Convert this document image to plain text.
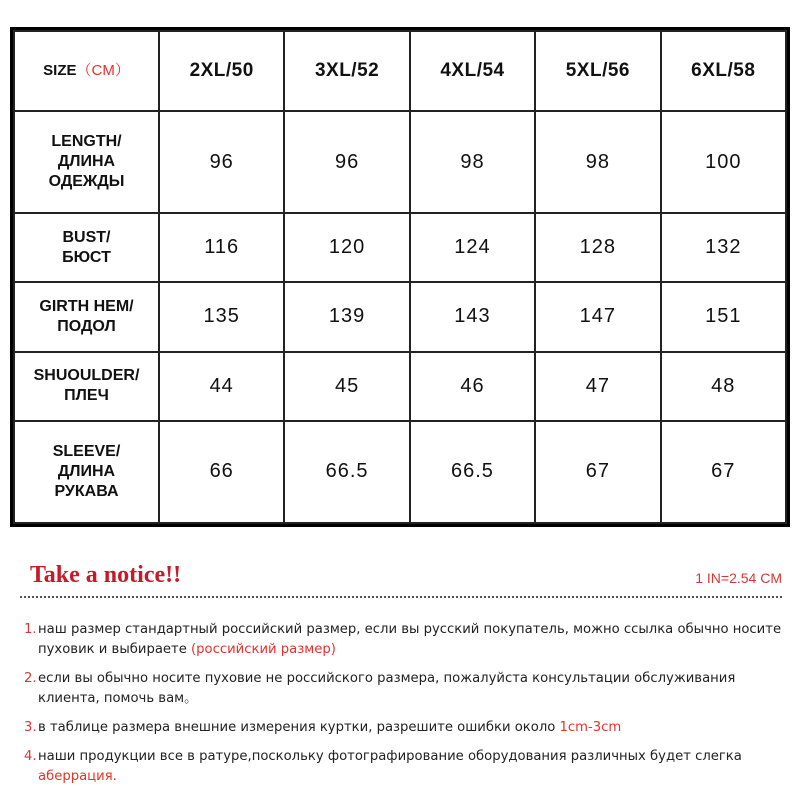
SIZE（CM）	2XL/50	3XL/52	4XL/54	5XL/56	6XL/58

LENGTH/
ДЛИНА
ОДЕЖДЫ	96	96	98	98	100

BUST/
БЮСТ	116	120	124	128	132

GIRTH HEM/
ПОДОЛ	135	139	143	147	151

SHUOULDER/
ПЛЕЧ	44	45	46	47	48

SLEEVE/
ДЛИНА
РУКАВА	66	66.5	66.5	67	67
Take a notice!!	1 IN=2.54 CM
1. наш размер стандартный российский размер, если вы русский покупатель, можно ссылка обычно носите пуховик и выбираете (российский размер)
2. если вы обычно носите пуховие не российского размера, пожалуйста консультации обслуживания клиента, помочь вам。
3. в таблице размера внешние измерения куртки, разрешите ошибки около 1cm-3cm
4. наши продукции все в ратуре,поскольку фотографирование оборудования различных будет слегка аберрация.
